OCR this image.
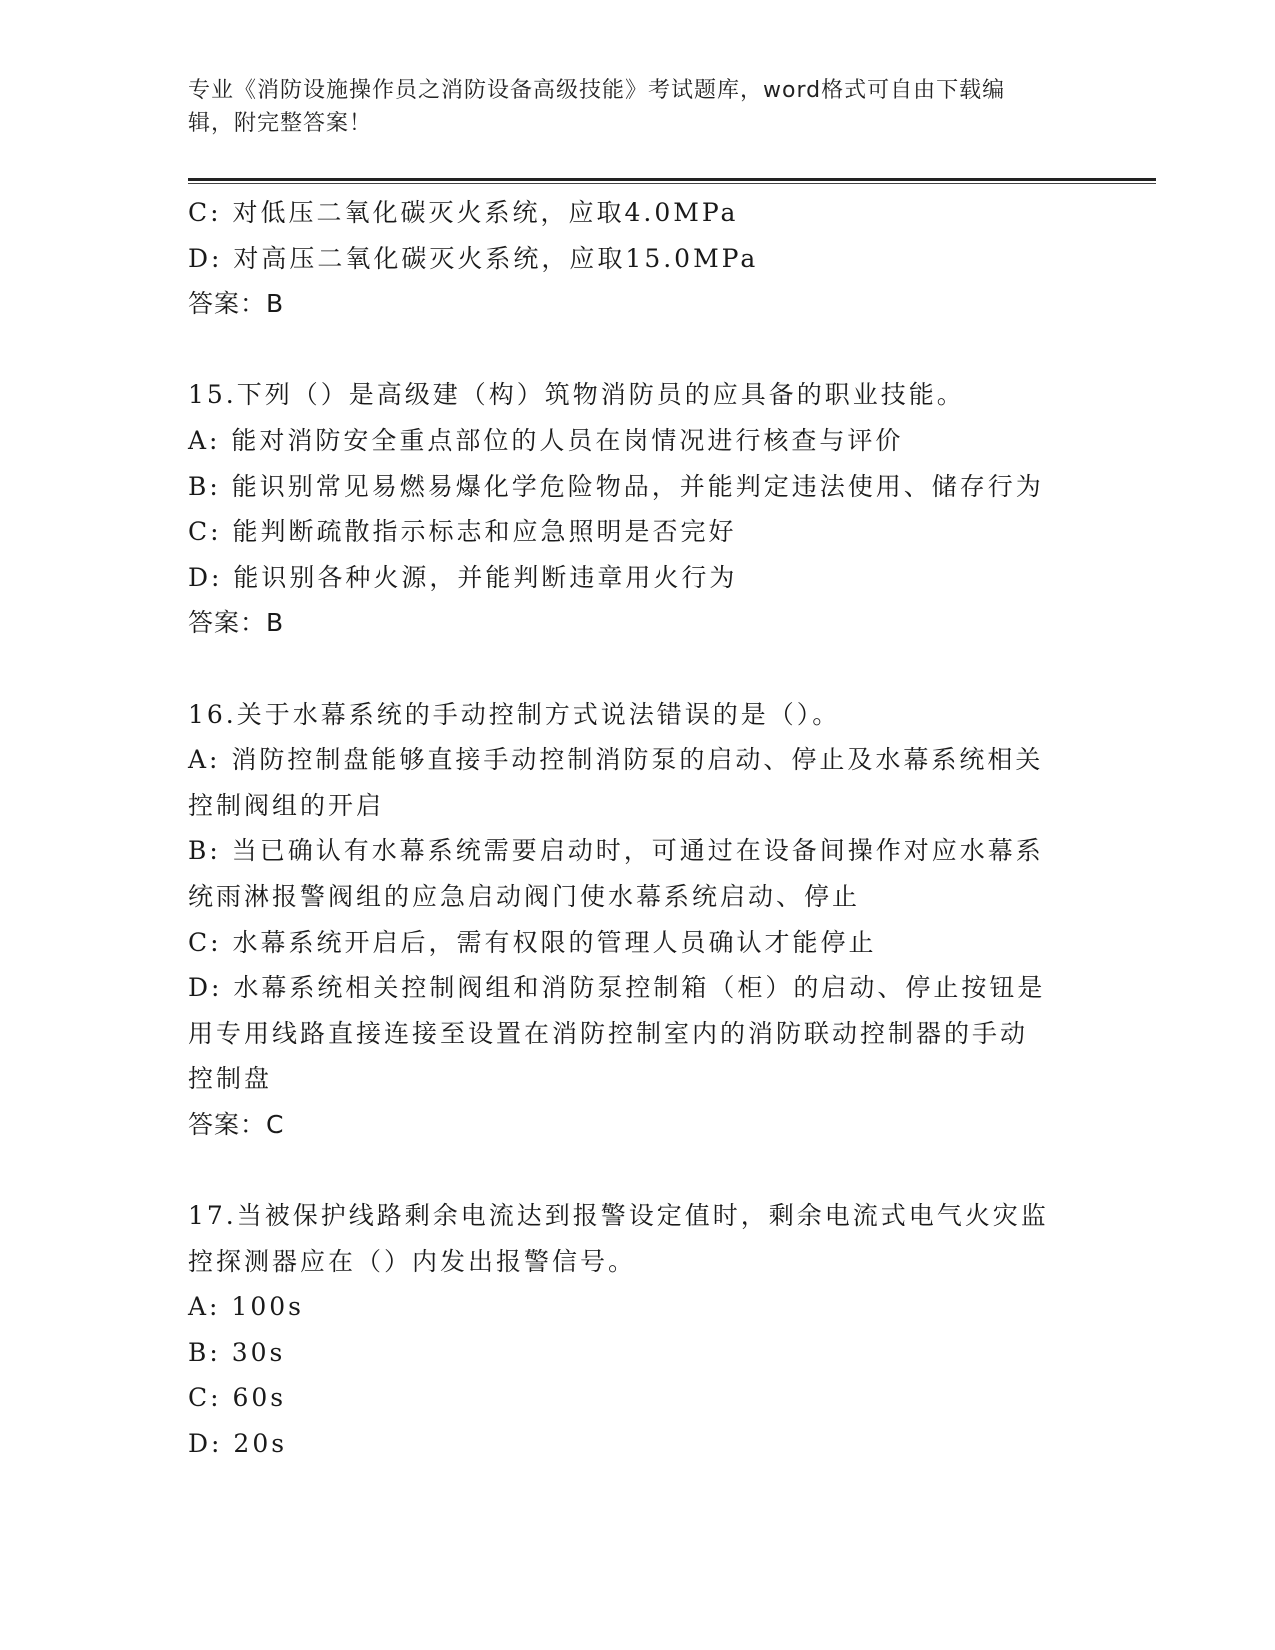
专业《消防设施操作员之消防设备高级技能》考试题库，word格式可自由下载编
辑，附完整答案！
C: 对低压二氧化碳灭火系统，应取4.0MPa
D: 对高压二氧化碳灭火系统，应取15.0MPa
答案：B
15.下列（）是高级建（构）筑物消防员的应具备的职业技能。
A: 能对消防安全重点部位的人员在岗情况进行核查与评价
B: 能识别常见易燃易爆化学危险物品，并能判定违法使用、储存行为
C: 能判断疏散指示标志和应急照明是否完好
D: 能识别各种火源，并能判断违章用火行为
答案：B
16.关于水幕系统的手动控制方式说法错误的是（）。
A: 消防控制盘能够直接手动控制消防泵的启动、停止及水幕系统相关
控制阀组的开启
B: 当已确认有水幕系统需要启动时，可通过在设备间操作对应水幕系
统雨淋报警阀组的应急启动阀门使水幕系统启动、停止
C: 水幕系统开启后，需有权限的管理人员确认才能停止
D: 水幕系统相关控制阀组和消防泵控制箱（柜）的启动、停止按钮是
用专用线路直接连接至设置在消防控制室内的消防联动控制器的手动
控制盘
答案：C
17.当被保护线路剩余电流达到报警设定值时，剩余电流式电气火灾监
控探测器应在（）内发出报警信号。
A: 100s
B: 30s
C: 60s
D: 20s
